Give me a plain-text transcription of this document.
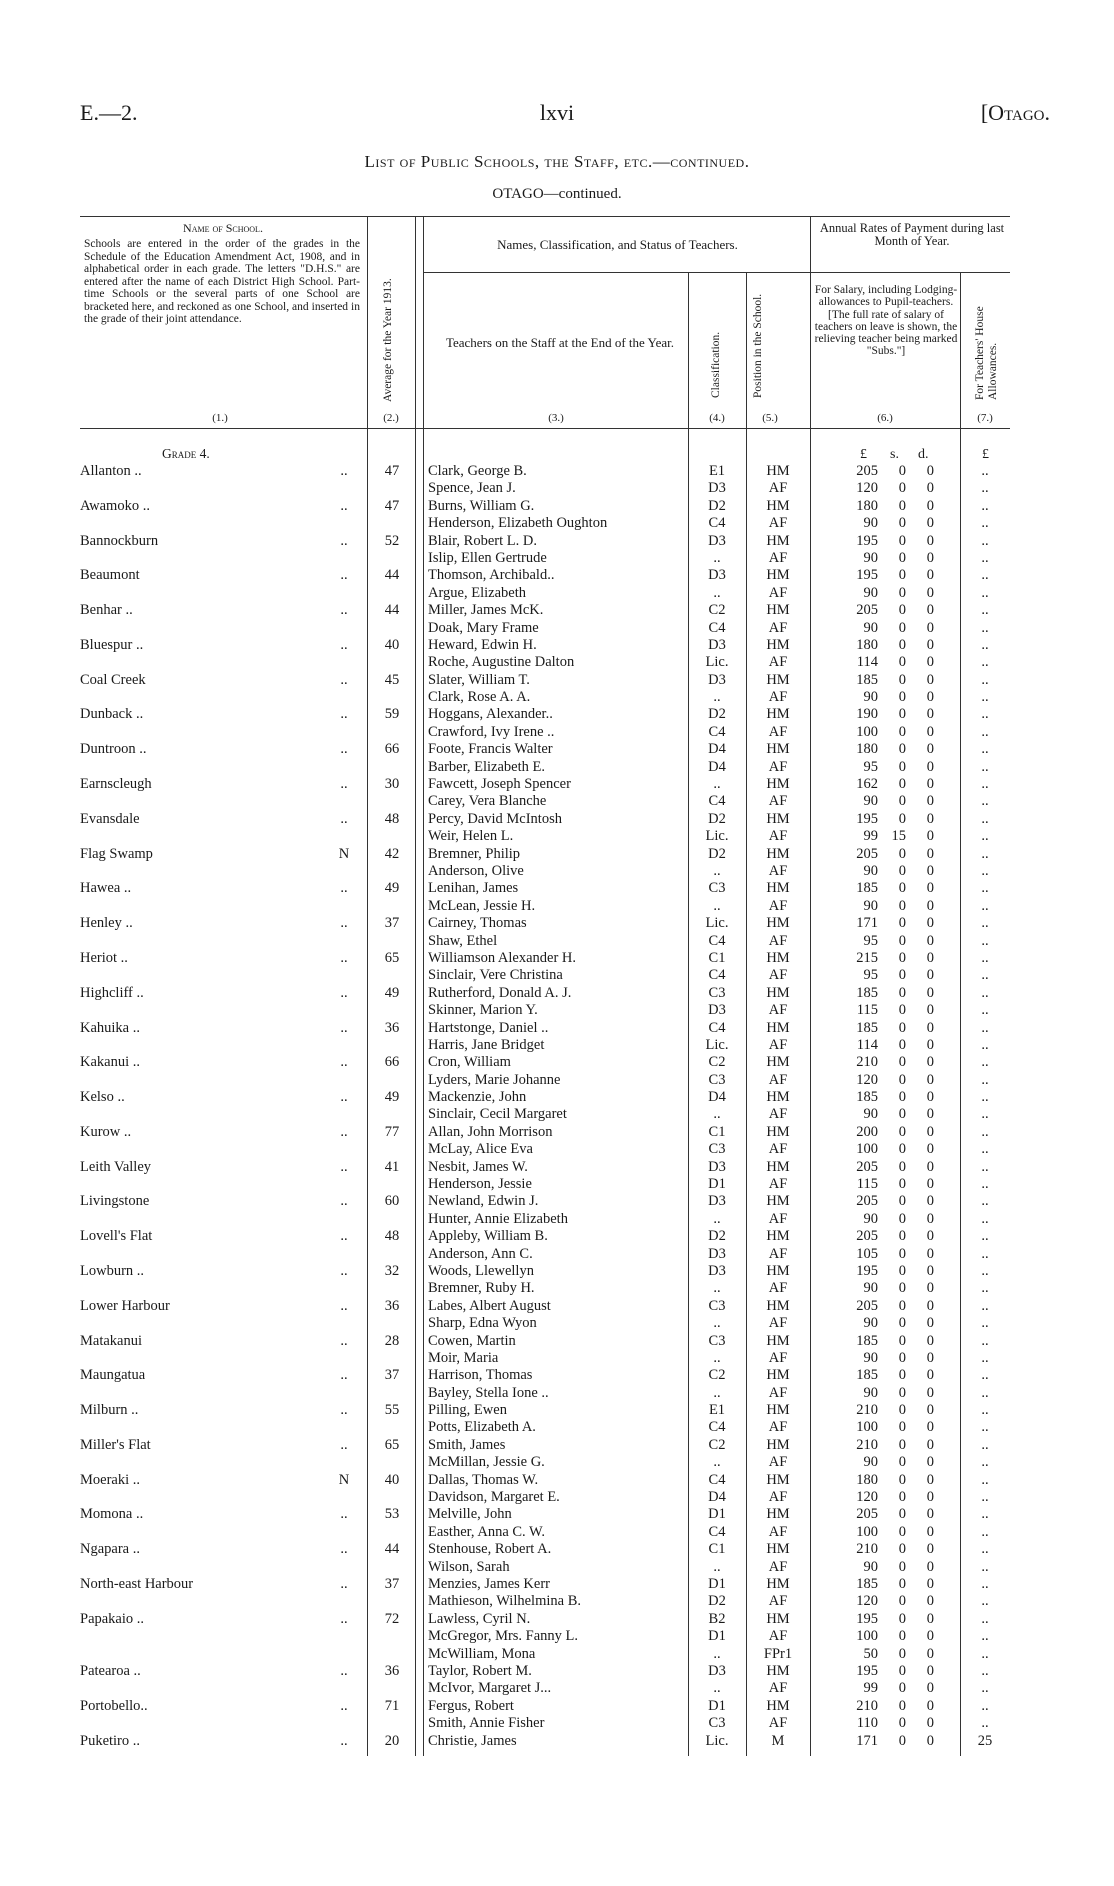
E.—2.	lxvi	[Otago.
List of Public Schools, the Staff, etc.—continued.
OTAGO—continued.
Name of School.
Schools are entered in the order of the grades in the Schedule of the Education Amendment Act, 1908, and in alphabetical order in each grade. The letters "D.H.S." are entered after the name of each District High School. Part-time Schools or the several parts of one School are bracketed here, and reckoned as one School, and inserted in the grade of their joint attendance.	Average for the Year 1913.
Names, Classification, and Status of Teachers.
Teachers on the Staff at the End of the Year.	Classification.	Position in the School.
Annual Rates of Payment during last Month of Year.
For Salary, including Lodging-allowances to Pupil-teachers. [The full rate of salary of teachers on leave is shown, the relieving teacher being marked "Subs."]	For Teachers' House Allowances.
(1.)	(2.)	(3.)	(4.)	(5.)	(6.)	(7.)
Grade 4.	£ s. d.	£
Allanton ..	..	47	Clark, George B.	E1	HM	205	0	0	..
Spence, Jean J.	D3	AF	120	0	0	..
Awamoko ..	..	47	Burns, William G.	D2	HM	180	0	0	..
Henderson, Elizabeth Oughton	C4	AF	90	0	0	..
Bannockburn	..	52	Blair, Robert L. D.	D3	HM	195	0	0	..
Islip, Ellen Gertrude	..	AF	90	0	0	..
Beaumont	..	44	Thomson, Archibald..	D3	HM	195	0	0	..
Argue, Elizabeth	..	AF	90	0	0	..
Benhar ..	..	44	Miller, James McK.	C2	HM	205	0	0	..
Doak, Mary Frame	C4	AF	90	0	0	..
Bluespur ..	..	40	Heward, Edwin H.	D3	HM	180	0	0	..
Roche, Augustine Dalton	Lic.	AF	114	0	0	..
Coal Creek	..	45	Slater, William T.	D3	HM	185	0	0	..
Clark, Rose A. A.	..	AF	90	0	0	..
Dunback ..	..	59	Hoggans, Alexander..	D2	HM	190	0	0	..
Crawford, Ivy Irene ..	C4	AF	100	0	0	..
Duntroon ..	..	66	Foote, Francis Walter	D4	HM	180	0	0	..
Barber, Elizabeth E.	D4	AF	95	0	0	..
Earnscleugh	..	30	Fawcett, Joseph Spencer	..	HM	162	0	0	..
Carey, Vera Blanche	C4	AF	90	0	0	..
Evansdale	..	48	Percy, David McIntosh	D2	HM	195	0	0	..
Weir, Helen L.	Lic.	AF	99 15	0	..
Flag Swamp	N	42	Bremner, Philip	D2	HM	205	0	0	..
Anderson, Olive	..	AF	90	0	0	..
Hawea ..	..	49	Lenihan, James	C3	HM	185	0	0	..
McLean, Jessie H.	..	AF	90	0	0	..
Henley ..	..	37	Cairney, Thomas	Lic.	HM	171	0	0	..
Shaw, Ethel	C4	AF	95	0	0	..
Heriot ..	..	65	Williamson Alexander H.	C1	HM	215	0	0	..
Sinclair, Vere Christina	C4	AF	95	0	0	..
Highcliff ..	..	49	Rutherford, Donald A. J.	C3	HM	185	0	0	..
Skinner, Marion Y.	D3	AF	115	0	0	..
Kahuika ..	..	36	Hartstonge, Daniel ..	C4	HM	185	0	0	..
Harris, Jane Bridget	Lic.	AF	114	0	0	..
Kakanui ..	..	66	Cron, William	C2	HM	210	0	0	..
Lyders, Marie Johanne	C3	AF	120	0	0	..
Kelso ..	..	49	Mackenzie, John	D4	HM	185	0	0	..
Sinclair, Cecil Margaret	..	AF	90	0	0	..
Kurow ..	..	77	Allan, John Morrison	C1	HM	200	0	0	..
McLay, Alice Eva	C3	AF	100	0	0	..
Leith Valley	..	41	Nesbit, James W.	D3	HM	205	0	0	..
Henderson, Jessie	D1	AF	115	0	0	..
Livingstone	..	60	Newland, Edwin J.	D3	HM	205	0	0	..
Hunter, Annie Elizabeth	..	AF	90	0	0	..
Lovell's Flat	..	48	Appleby, William B.	D2	HM	205	0	0	..
Anderson, Ann C.	D3	AF	105	0	0	..
Lowburn ..	..	32	Woods, Llewellyn	D3	HM	195	0	0	..
Bremner, Ruby H.	..	AF	90	0	0	..
Lower Harbour	..	36	Labes, Albert August	C3	HM	205	0	0	..
Sharp, Edna Wyon	..	AF	90	0	0	..
Matakanui	..	28	Cowen, Martin	C3	HM	185	0	0	..
Moir, Maria	..	AF	90	0	0	..
Maungatua	..	37	Harrison, Thomas	C2	HM	185	0	0	..
Bayley, Stella Ione ..	..	AF	90	0	0	..
Milburn ..	..	55	Pilling, Ewen	E1	HM	210	0	0	..
Potts, Elizabeth A.	C4	AF	100	0	0	..
Miller's Flat	..	65	Smith, James	C2	HM	210	0	0	..
McMillan, Jessie G.	..	AF	90	0	0	..
Moeraki ..	N	40	Dallas, Thomas W.	C4	HM	180	0	0	..
Davidson, Margaret E.	D4	AF	120	0	0	..
Momona ..	..	53	Melville, John	D1	HM	205	0	0	..
Easther, Anna C. W.	C4	AF	100	0	0	..
Ngapara ..	..	44	Stenhouse, Robert A.	C1	HM	210	0	0	..
Wilson, Sarah	..	AF	90	0	0	..
North-east Harbour	..	37	Menzies, James Kerr	D1	HM	185	0	0	..
Mathieson, Wilhelmina B.	D2	AF	120	0	0	..
Papakaio ..	..	72	Lawless, Cyril N.	B2	HM	195	0	0	..
McGregor, Mrs. Fanny L.	D1	AF	100	0	0	..
McWilliam, Mona	..	FPr1	50	0	0	..
Patearoa ..	..	36	Taylor, Robert M.	D3	HM	195	0	0	..
McIvor, Margaret J...	..	AF	99	0	0	..
Portobello..	..	71	Fergus, Robert	D1	HM	210	0	0	..
Smith, Annie Fisher	C3	AF	110	0	0	..
Puketiro ..	..	20	Christie, James	Lic.	M	171	0	0	25
